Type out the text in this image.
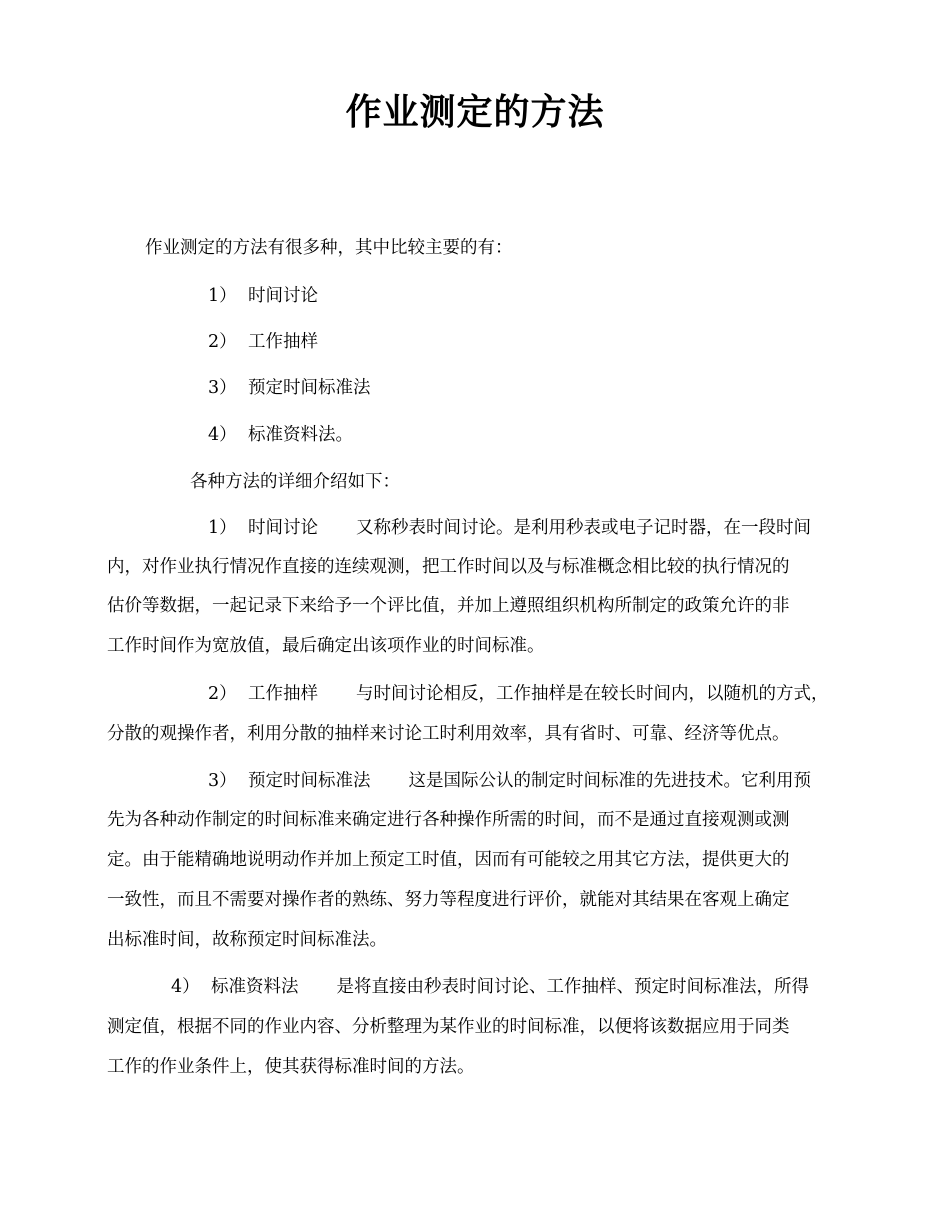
作业测定的方法

作业测定的方法有很多种，其中比较主要的有：

1） 时间讨论
2） 工作抽样
3） 预定时间标准法
4） 标准资料法。

各种方法的详细介绍如下：

1） 时间讨论 又称秒表时间讨论。是利用秒表或电子记时器，在一段时间

内，对作业执行情况作直接的连续观测，把工作时间以及与标准概念相比较的执行情况的

估价等数据，一起记录下来给予一个评比值，并加上遵照组织机构所制定的政策允许的非

工作时间作为宽放值，最后确定出该项作业的时间标准。

2） 工作抽样 与时间讨论相反，工作抽样是在较长时间内，以随机的方式，

分散的观操作者，利用分散的抽样来讨论工时利用效率，具有省时、可靠、经济等优点。

3） 预定时间标准法 这是国际公认的制定时间标准的先进技术。它利用预

先为各种动作制定的时间标准来确定进行各种操作所需的时间，而不是通过直接观测或测

定。由于能精确地说明动作并加上预定工时值，因而有可能较之用其它方法，提供更大的

一致性，而且不需要对操作者的熟练、努力等程度进行评价，就能对其结果在客观上确定

出标准时间，故称预定时间标准法。

4） 标准资料法 是将直接由秒表时间讨论、工作抽样、预定时间标准法，所得

测定值，根据不同的作业内容、分析整理为某作业的时间标准，以便将该数据应用于同类

工作的作业条件上，使其获得标准时间的方法。
